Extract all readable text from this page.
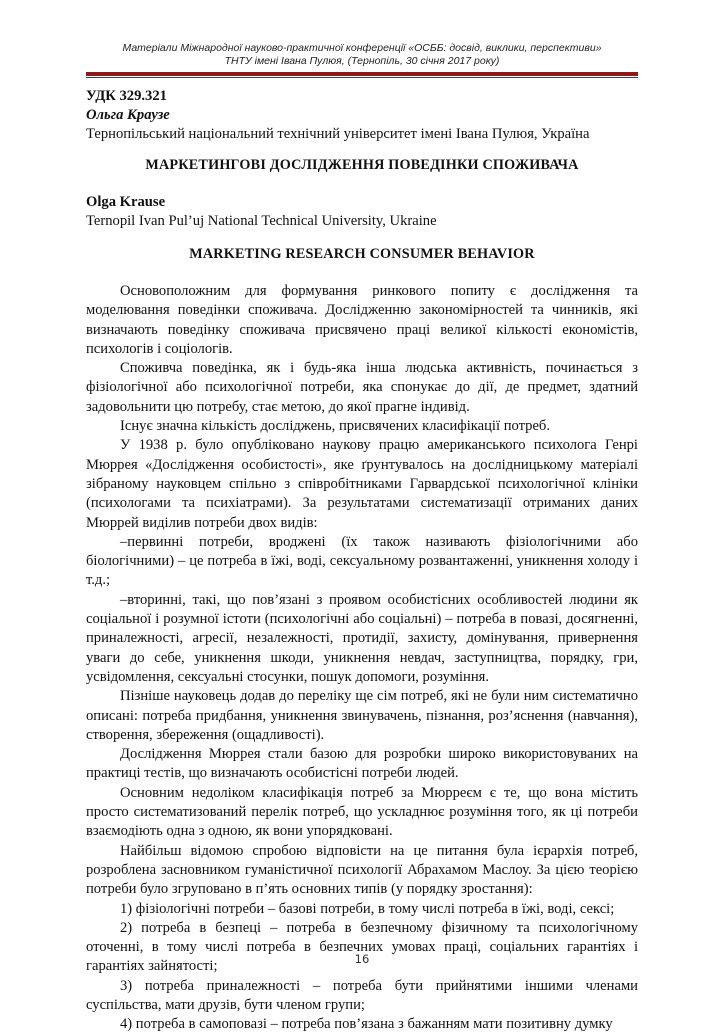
Матеріали Міжнародної науково-практичної конференції «ОСББ: досвід, виклики, перспективи»
ТНТУ імені Івана Пулюя, (Тернопіль, 30 січня 2017 року)
УДК 329.321
Ольга Краузе
Тернопільський національний технічний університет імені Івана Пулюя, Україна
МАРКЕТИНГОВІ ДОСЛІДЖЕННЯ ПОВЕДІНКИ СПОЖИВАЧА
Olga Krause
Ternopil Ivan Pul’uj National Technical University, Ukraine
MARKETING RESEARCH CONSUMER BEHAVIOR

Основоположним для формування ринкового попиту є дослідження та моделювання поведінки споживача. Дослідженню закономірностей та чинників, які визначають поведінку споживача присвячено праці великої кількості економістів, психологів і соціологів.

Споживча поведінка, як і будь-яка інша людська активність, починається з фізіологічної або психологічної потреби, яка спонукає до дії, де предмет, здатний задовольнити цю потребу, стає метою, до якої прагне індивід.

Існує значна кількість досліджень, присвячених класифікації потреб.

У 1938 р. було опубліковано наукову працю американського психолога Генрі Мюррея «Дослідження особистості», яке ґрунтувалось на дослідницькому матеріалі зібраному науковцем спільно з співробітниками Гарвардської психологічної клініки (психологами та психіатрами). За результатами систематизації отриманих даних Мюррей виділив потреби двох видів:

–первинні потреби, вроджені (їх також називають фізіологічними або біологічними) – це потреба в їжі, воді, сексуальному розвантаженні, уникнення холоду і т.д.;

–вторинні, такі, що пов’язані з проявом особистісних особливостей людини як соціальної і розумної істоти (психологічні або соціальні) – потреба в повазі, досягненні, приналежності, агресії, незалежності, протидії, захисту, домінування, привернення уваги до себе, уникнення шкоди, уникнення невдач, заступництва, порядку, гри, усвідомлення, сексуальні стосунки, пошук допомоги, розуміння.

Пізніше науковець додав до переліку ще сім потреб, які не були ним систематично описані: потреба придбання, уникнення звинувачень, пізнання, роз’яснення (навчання), створення, збереження (ощадливості).

Дослідження Мюррея стали базою для розробки широко використовуваних на практиці тестів, що визначають особистісні потреби людей.

Основним недоліком класифікація потреб за Мюрреєм є те, що вона містить просто систематизований перелік потреб, що ускладнює розуміння того, як ці потреби взаємодіють одна з одною, як вони упорядковані.

Найбільш відомою спробою відповісти на це питання була ієрархія потреб, розроблена засновником гуманістичної психології Абрахамом Маслоу. За цією теорією потреби було згруповано в п’ять основних типів (у порядку зростання):

1) фізіологічні потреби – базові потреби, в тому числі потреба в їжі, воді, сексі;

2) потреба в безпеці – потреба в безпечному фізичному та психологічному оточенні, в тому числі потреба в безпечних умовах праці, соціальних гарантіях і гарантіях зайнятості;

3) потреба приналежності – потреба бути прийнятими іншими членами суспільства, мати друзів, бути членом групи;

4) потреба в самоповазі – потреба пов’язана з бажанням мати позитивну думку

16
